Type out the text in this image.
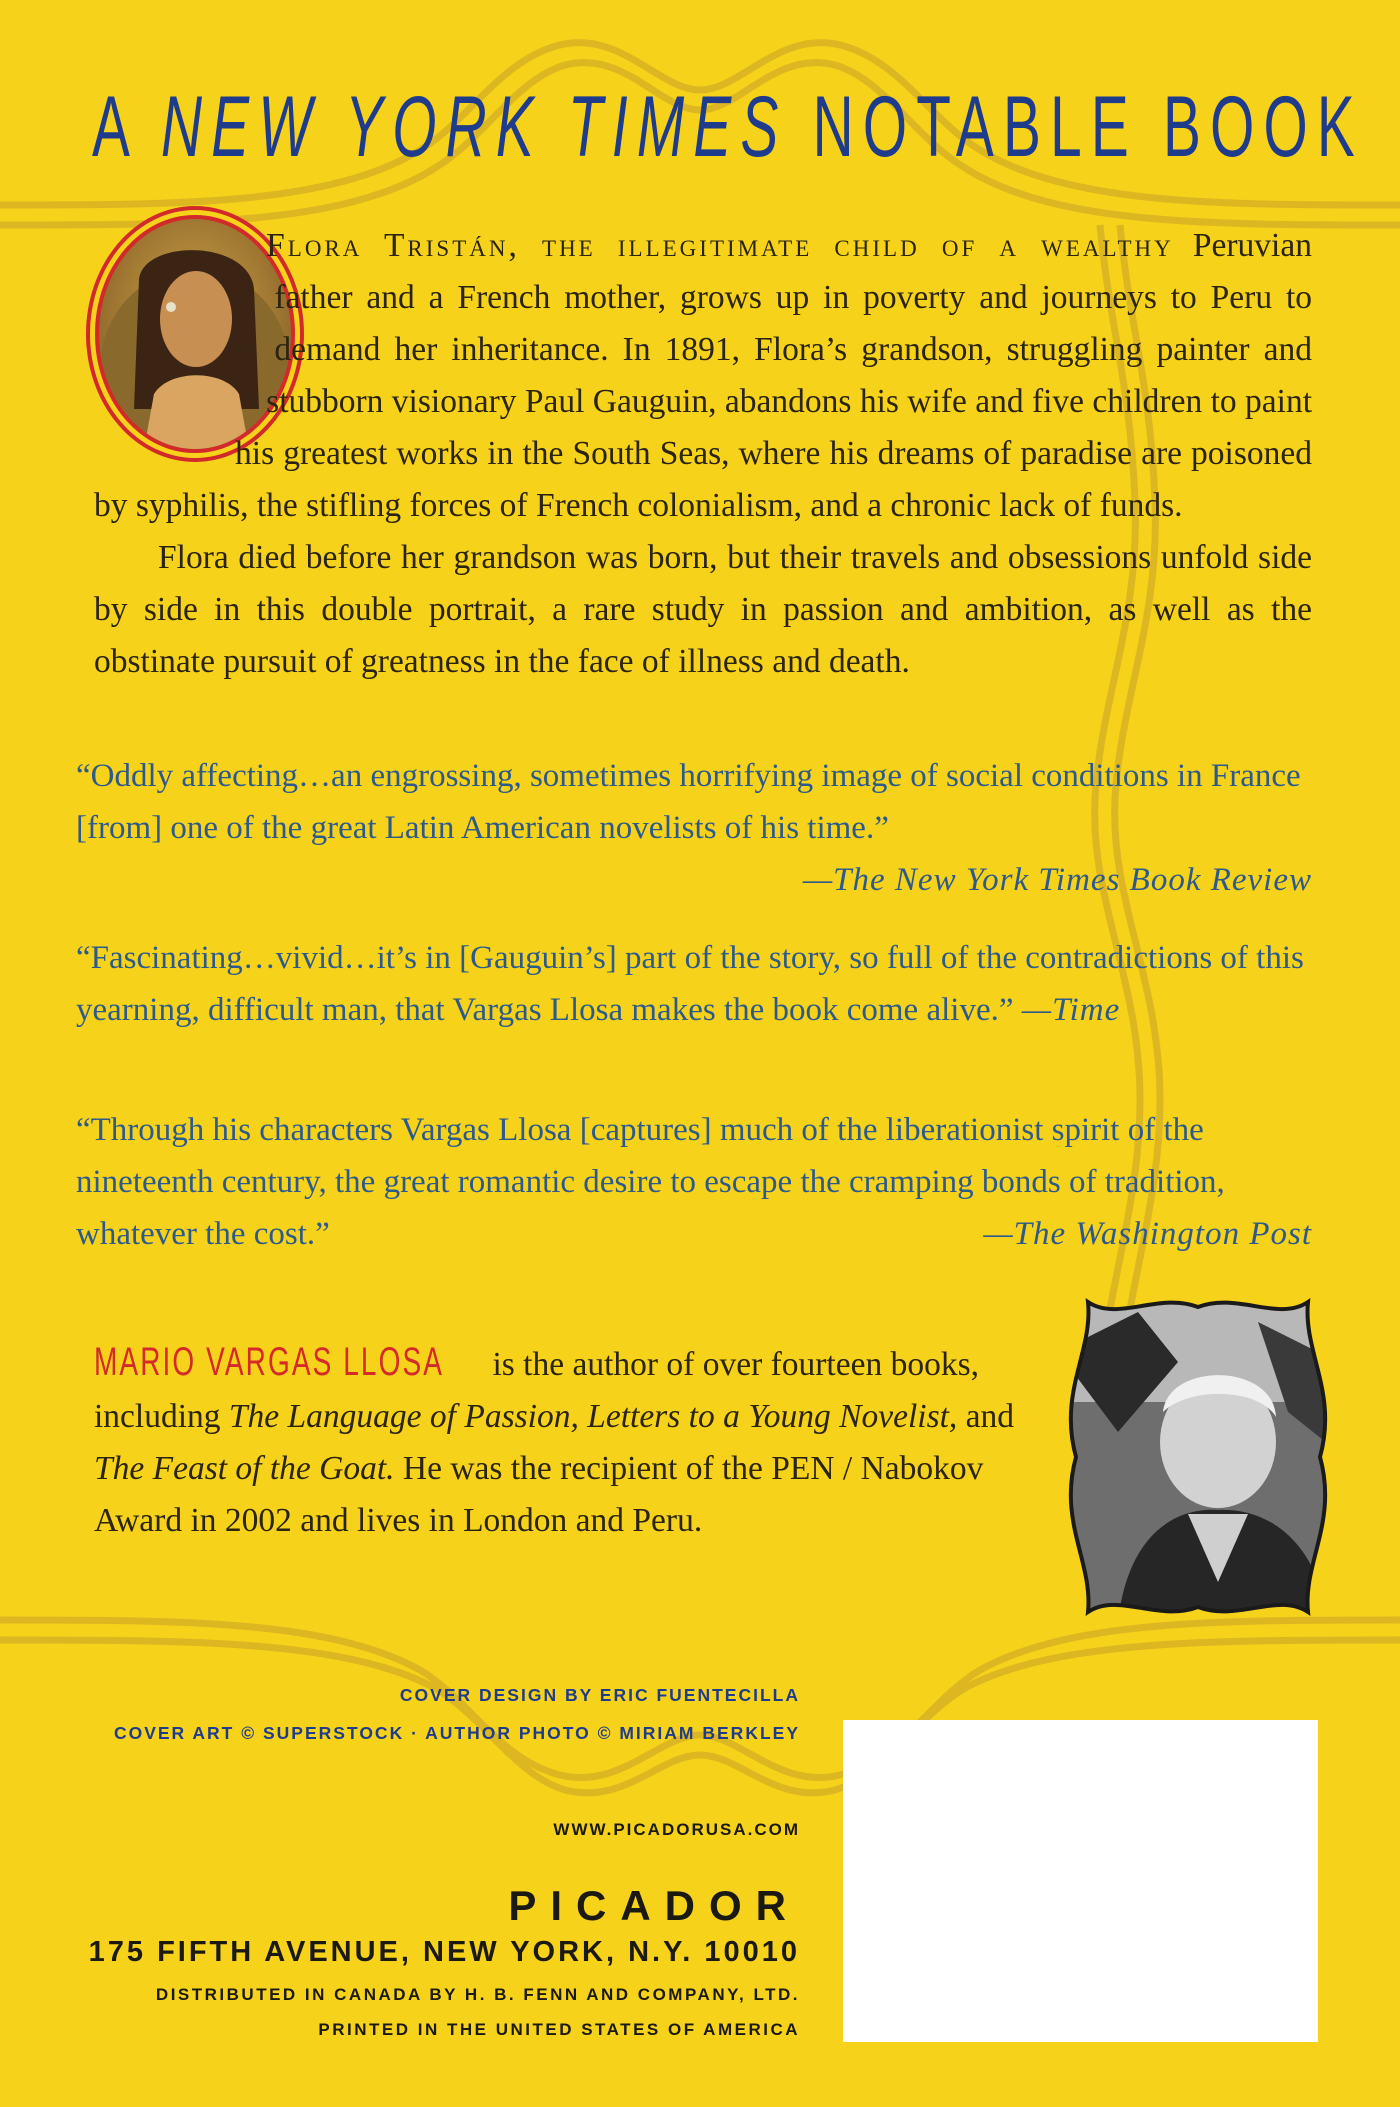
A NEW YORK TIMES NOTABLE BOOK

Flora Tristán, the illegitimate child of a wealthy Peruvian father and a French mother, grows up in poverty and journeys to Peru to demand her inheritance. In 1891, Flora’s grandson, struggling painter and stubborn visionary Paul Gauguin, abandons his wife and five children to paint his greatest works in the South Seas, where his dreams of paradise are poisoned by syphilis, the stifling forces of French colonialism, and a chronic lack of funds.

Flora died before her grandson was born, but their travels and obsessions unfold side by side in this double portrait, a rare study in passion and ambition, as well as the obstinate pursuit of greatness in the face of illness and death.

“Oddly affecting…an engrossing, sometimes horrifying image of social conditions in France [from] one of the great Latin American novelists of his time.”
—The New York Times Book Review
“Fascinating…vivid…it’s in [Gauguin’s] part of the story, so full of the contradictions of this yearning, difficult man, that Vargas Llosa makes the book come alive.” —Time
“Through his characters Vargas Llosa [captures] much of the liberationist spirit of the nineteenth century, the great romantic desire to escape the cramping bonds of tradition, whatever the cost.”	—The Washington Post

MARIO VARGAS LLOSA is the author of over fourteen books, including The Language of Passion, Letters to a Young Novelist, and The Feast of the Goat. He was the recipient of the PEN / Nabokov Award in 2002 and lives in London and Peru.

COVER DESIGN BY ERIC FUENTECILLA
COVER ART © SUPERSTOCK · AUTHOR PHOTO © MIRIAM BERKLEY
WWW.PICADORUSA.COM
PICADOR
175 FIFTH AVENUE, NEW YORK, N.Y. 10010
DISTRIBUTED IN CANADA BY H. B. FENN AND COMPANY, LTD.
PRINTED IN THE UNITED STATES OF AMERICA
